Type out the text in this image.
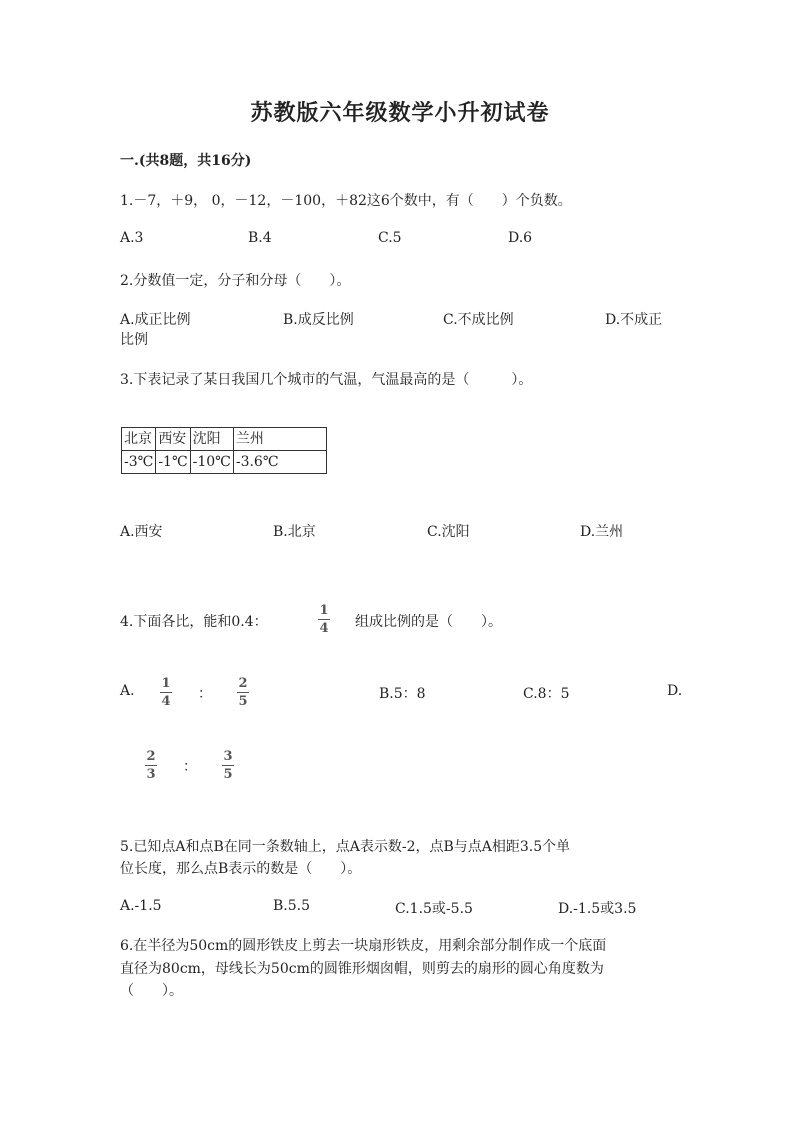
苏教版六年级数学小升初试卷
一.(共8题，共16分)
1.－7，＋9， 0，－12，－100，＋82这6个数中，有（　　）个负数。
A.3	B.4	C.5	D.6
2.分数值一定，分子和分母（　　）。
A.成正比例	B.成反比例	C.不成比例	D.不成正
比例
3.下表记录了某日我国几个城市的气温，气温最高的是（　　　）。
北京	西安	沈阳	兰州
-3℃	-1℃	-10℃	-3.6℃
A.西安	B.北京	C.沈阳	D.兰州
4.下面各比，能和0.4：
1
4 组成比例的是（　　）。
A. 1
4 ：
2
5	B.5：8	C.8：5	D.
2
3 ：
3
5
5.已知点A和点B在同一条数轴上，点A表示数-2，点B与点A相距3.5个单
位长度，那么点B表示的数是（　　）。
A.-1.5	B.5.5	C.1.5或-5.5	D.-1.5或3.5
6.在半径为50cm的圆形铁皮上剪去一块扇形铁皮，用剩余部分制作成一个底面
直径为80cm，母线长为50cm的圆锥形烟囱帽，则剪去的扇形的圆心角度数为
（　　）。
